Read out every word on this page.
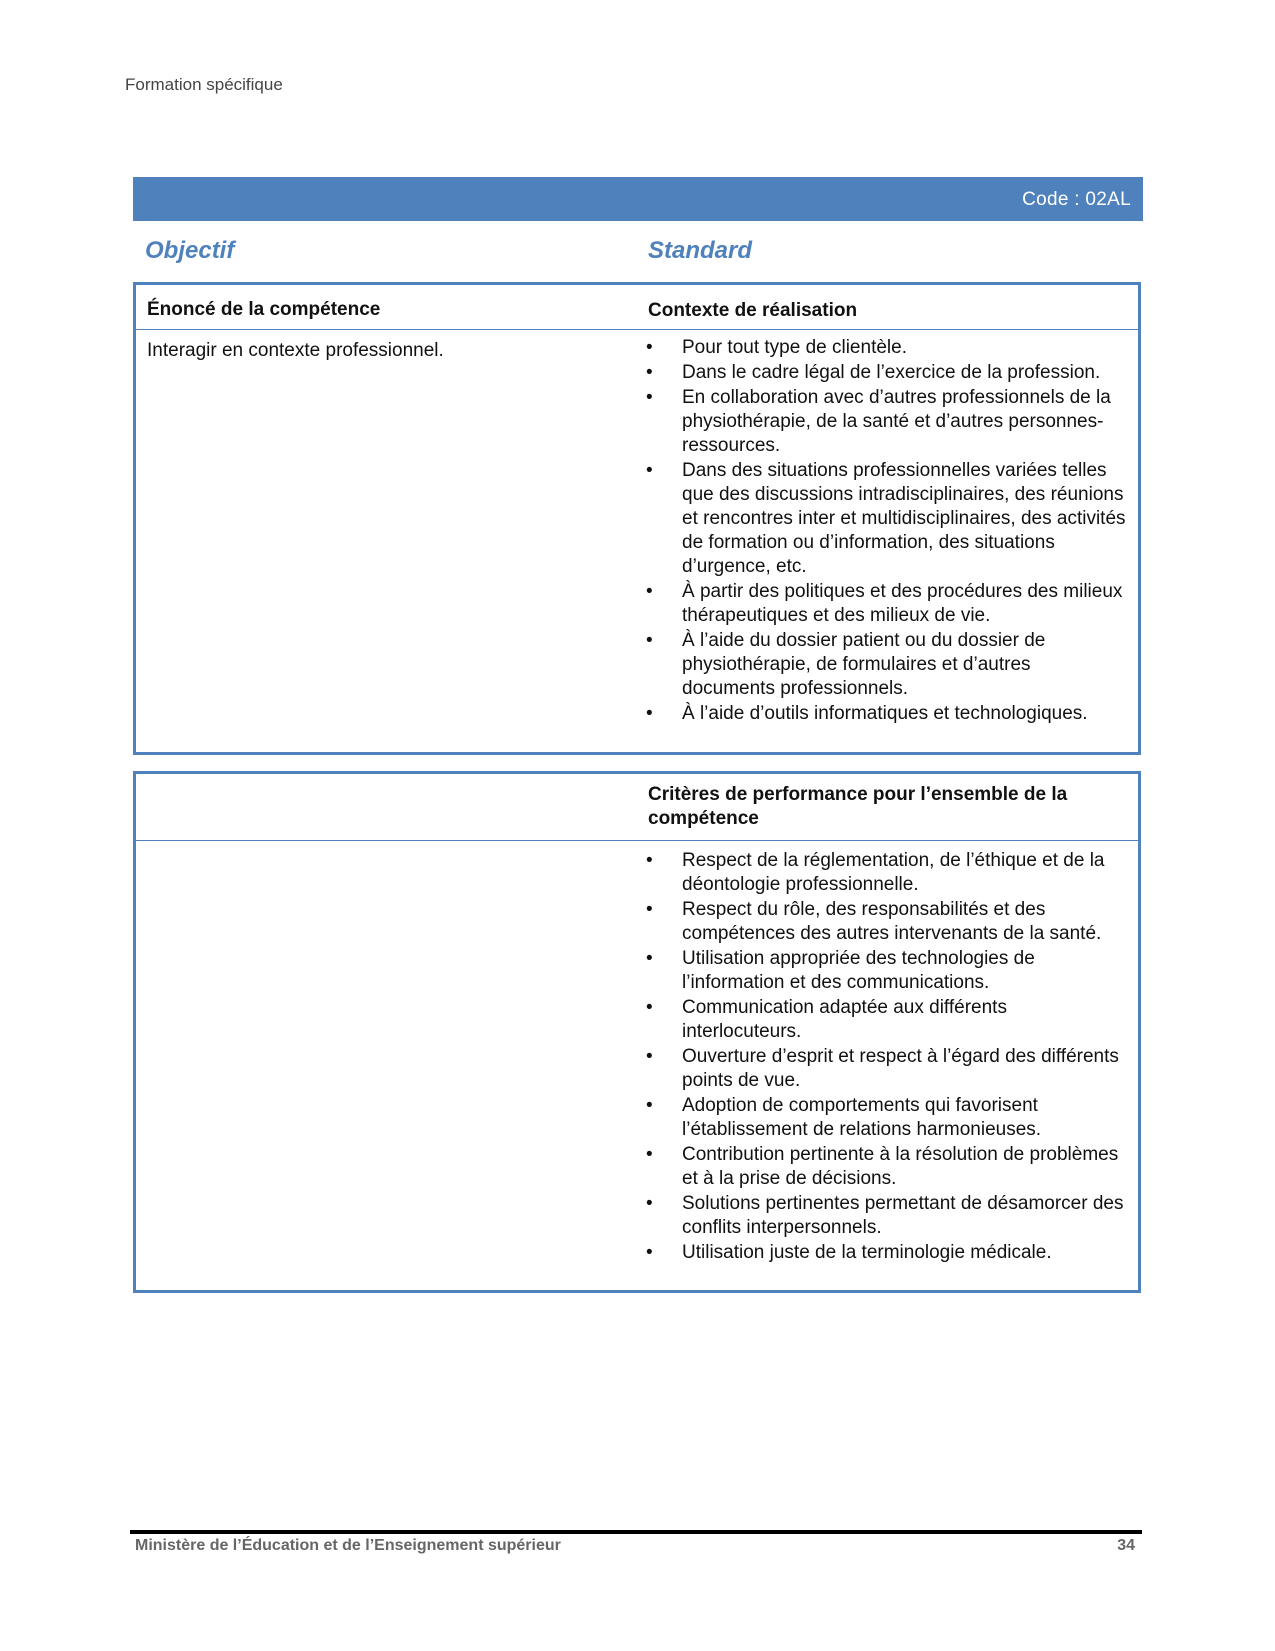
Formation spécifique
Code : 02AL
Objectif	Standard
Énoncé de la compétence	Contexte de réalisation
Interagir en contexte professionnel.	• Pour tout type de clientèle.
• Dans le cadre légal de l’exercice de la profession.
• En collaboration avec d’autres professionnels de la physiothérapie, de la santé et d’autres personnes-ressources.
• Dans des situations professionnelles variées telles que des discussions intradisciplinaires, des réunions et rencontres inter et multidisciplinaires, des activités de formation ou d’information, des situations d’urgence, etc.
• À partir des politiques et des procédures des milieux thérapeutiques et des milieux de vie.
• À l’aide du dossier patient ou du dossier de physiothérapie, de formulaires et d’autres documents professionnels.
• À l’aide d’outils informatiques et technologiques.
Critères de performance pour l’ensemble de la compétence
• Respect de la réglementation, de l’éthique et de la déontologie professionnelle.
• Respect du rôle, des responsabilités et des compétences des autres intervenants de la santé.
• Utilisation appropriée des technologies de l’information et des communications.
• Communication adaptée aux différents interlocuteurs.
• Ouverture d’esprit et respect à l’égard des différents points de vue.
• Adoption de comportements qui favorisent l’établissement de relations harmonieuses.
• Contribution pertinente à la résolution de problèmes et à la prise de décisions.
• Solutions pertinentes permettant de désamorcer des conflits interpersonnels.
• Utilisation juste de la terminologie médicale.
Ministère de l’Éducation et de l’Enseignement supérieur	34
